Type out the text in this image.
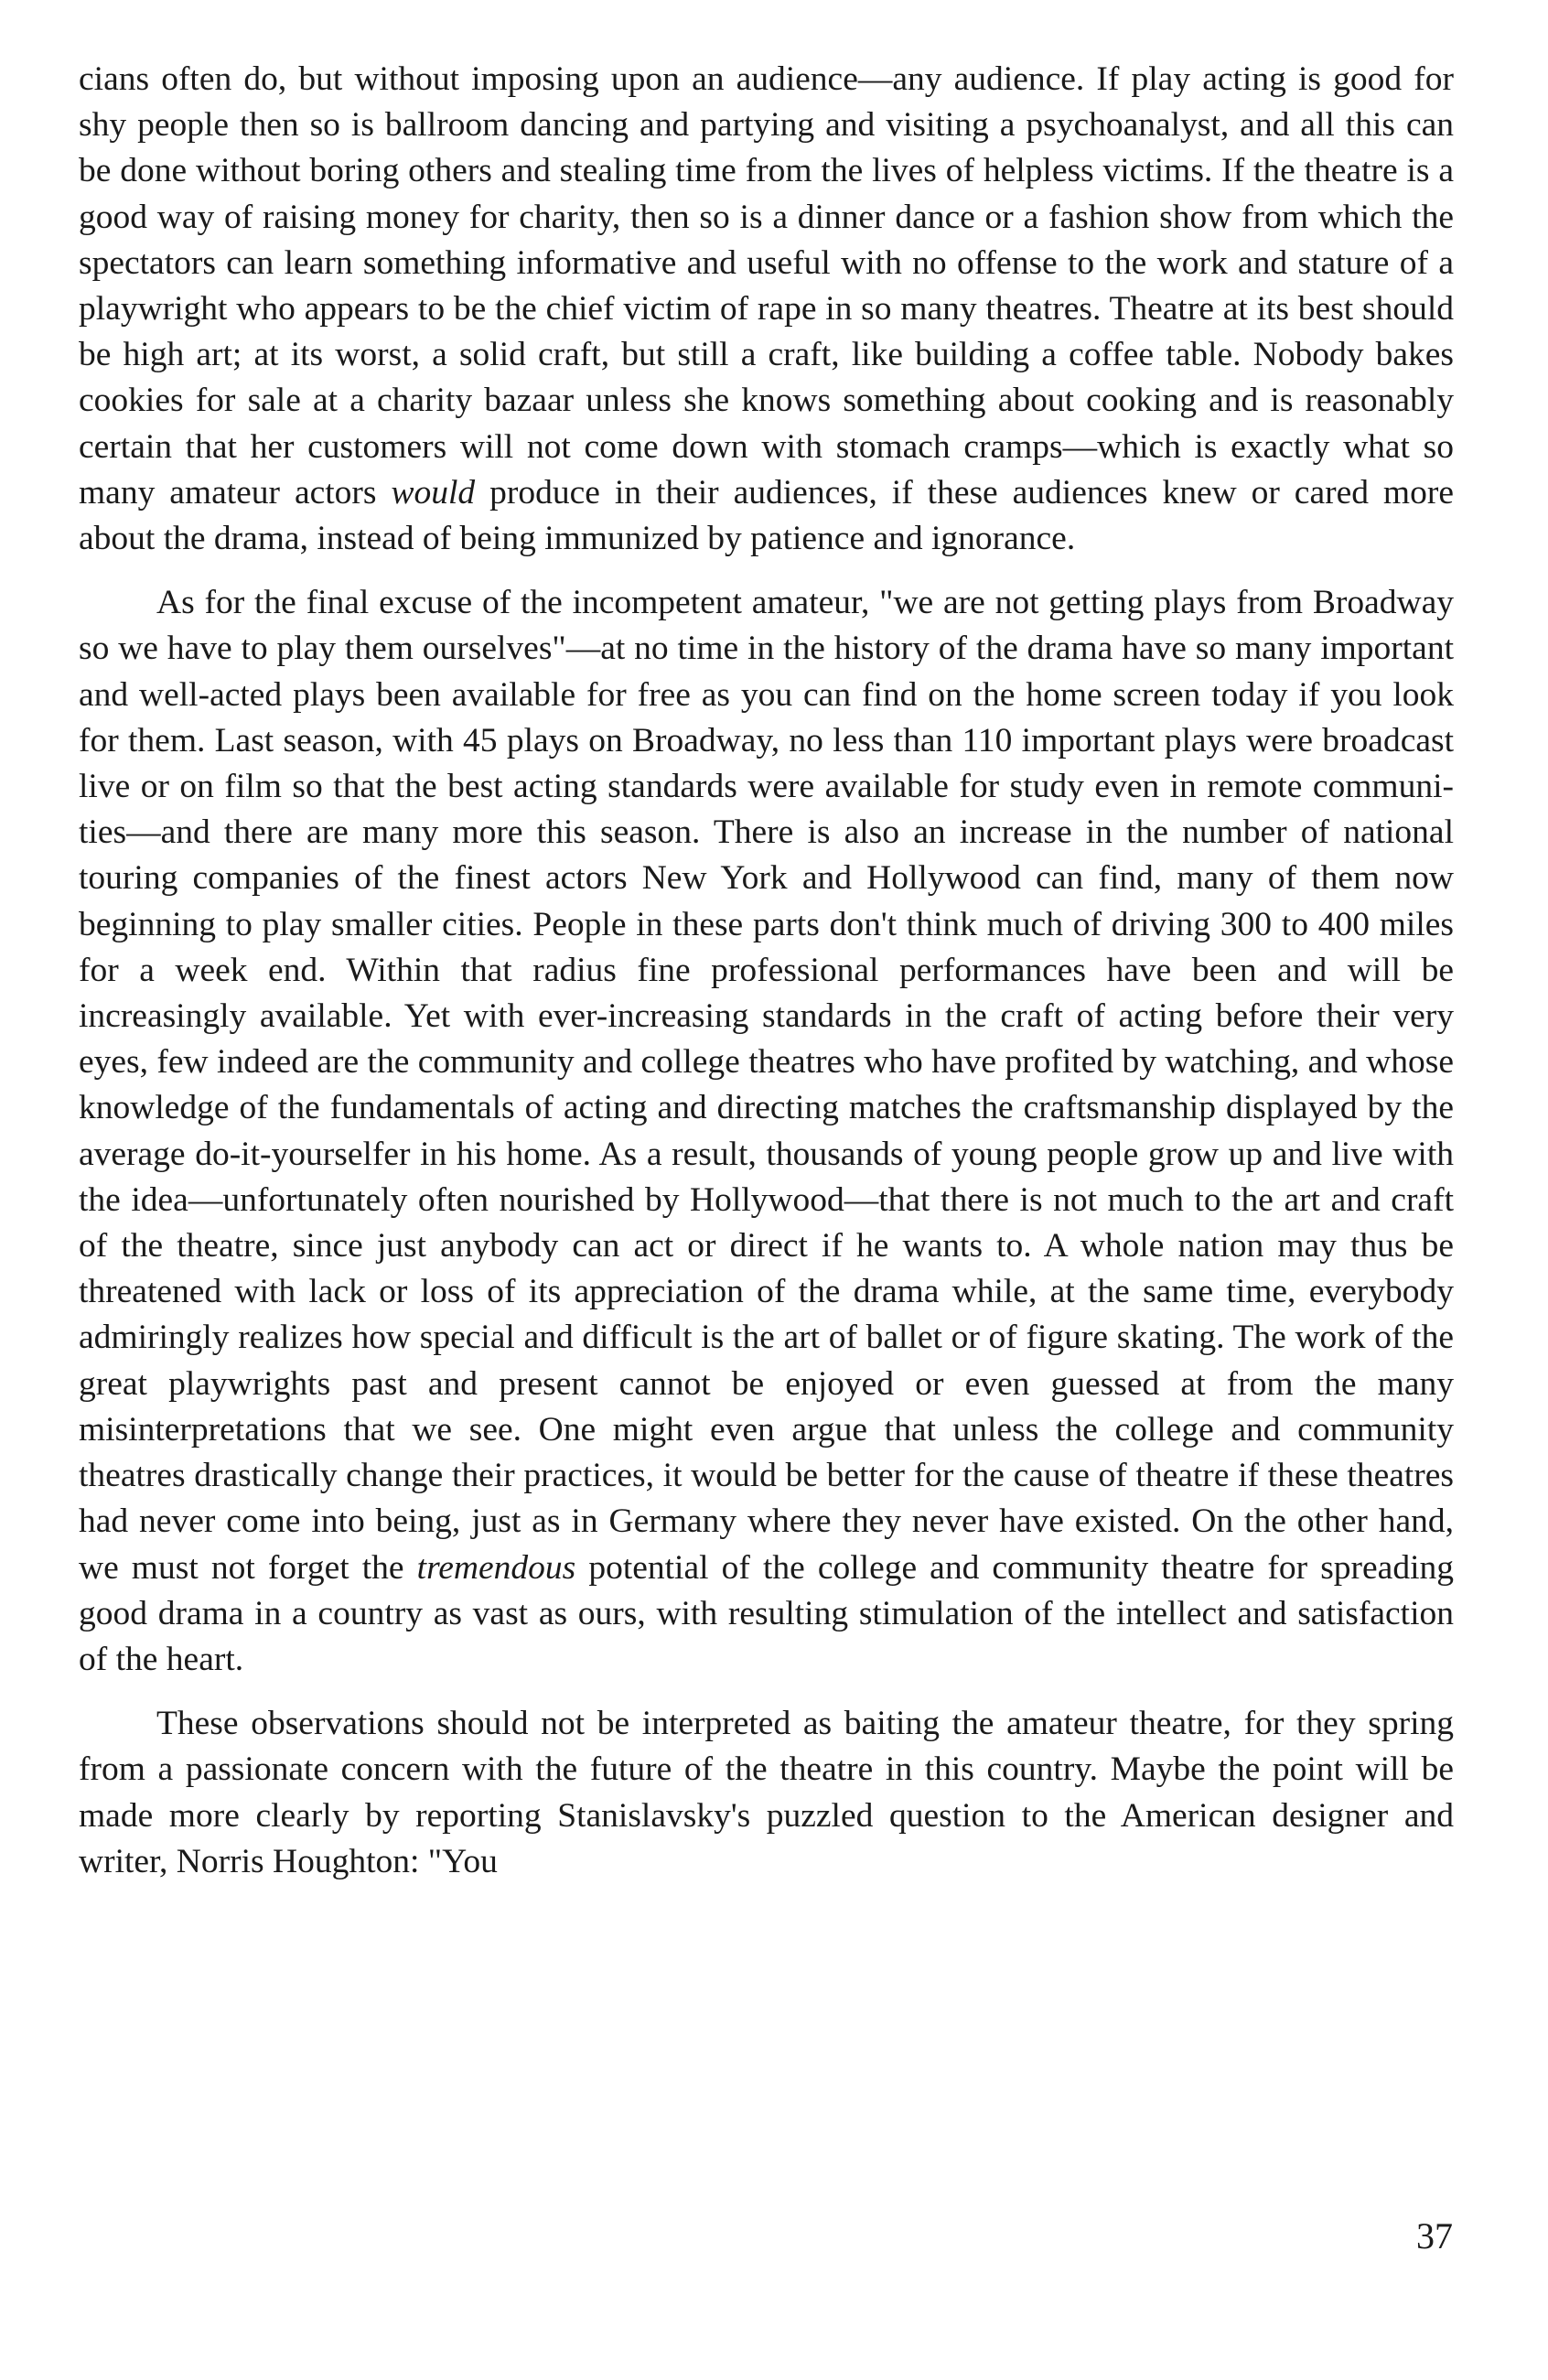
cians often do, but without imposing upon an audience—any audience. If play acting is good for shy people then so is ballroom dancing and partying and visiting a psychoanalyst, and all this can be done without boring others and stealing time from the lives of helpless victims. If the theatre is a good way of raising money for charity, then so is a dinner dance or a fashion show from which the spectators can learn something informative and useful with no offense to the work and stature of a playwright who appears to be the chief victim of rape in so many theatres. Theatre at its best should be high art; at its worst, a solid craft, but still a craft, like building a coffee table. Nobody bakes cookies for sale at a charity bazaar unless she knows something about cooking and is reasonably certain that her customers will not come down with stomach cramps—which is exactly what so many amateur actors would produce in their audiences, if these audiences knew or cared more about the drama, instead of being immunized by patience and ignorance.

As for the final excuse of the incompetent amateur, "we are not getting plays from Broadway so we have to play them ourselves"—at no time in the history of the drama have so many important and well-acted plays been available for free as you can find on the home screen today if you look for them. Last season, with 45 plays on Broadway, no less than 110 important plays were broadcast live or on film so that the best acting standards were available for study even in remote communities—and there are many more this season. There is also an increase in the number of national touring companies of the finest actors New York and Hollywood can find, many of them now beginning to play smaller cities. People in these parts don't think much of driving 300 to 400 miles for a week end. Within that radius fine professional performances have been and will be increasingly available. Yet with ever-increasing standards in the craft of acting before their very eyes, few indeed are the community and college theatres who have profited by watching, and whose knowledge of the fundamentals of acting and directing matches the craftsmanship displayed by the average do-it-yourselfer in his home. As a result, thousands of young people grow up and live with the idea—unfortunately often nourished by Hollywood—that there is not much to the art and craft of the theatre, since just anybody can act or direct if he wants to. A whole nation may thus be threatened with lack or loss of its appreciation of the drama while, at the same time, everybody admiringly realizes how special and difficult is the art of ballet or of figure skating. The work of the great playwrights past and present cannot be enjoyed or even guessed at from the many misinterpretations that we see. One might even argue that unless the college and community theatres drastically change their practices, it would be better for the cause of theatre if these theatres had never come into being, just as in Germany where they never have existed. On the other hand, we must not forget the tremendous potential of the college and community theatre for spreading good drama in a country as vast as ours, with resulting stimulation of the intellect and satisfaction of the heart.

These observations should not be interpreted as baiting the amateur theatre, for they spring from a passionate concern with the future of the theatre in this country. Maybe the point will be made more clearly by reporting Stanislavsky's puzzled question to the American designer and writer, Norris Houghton: "You

37
